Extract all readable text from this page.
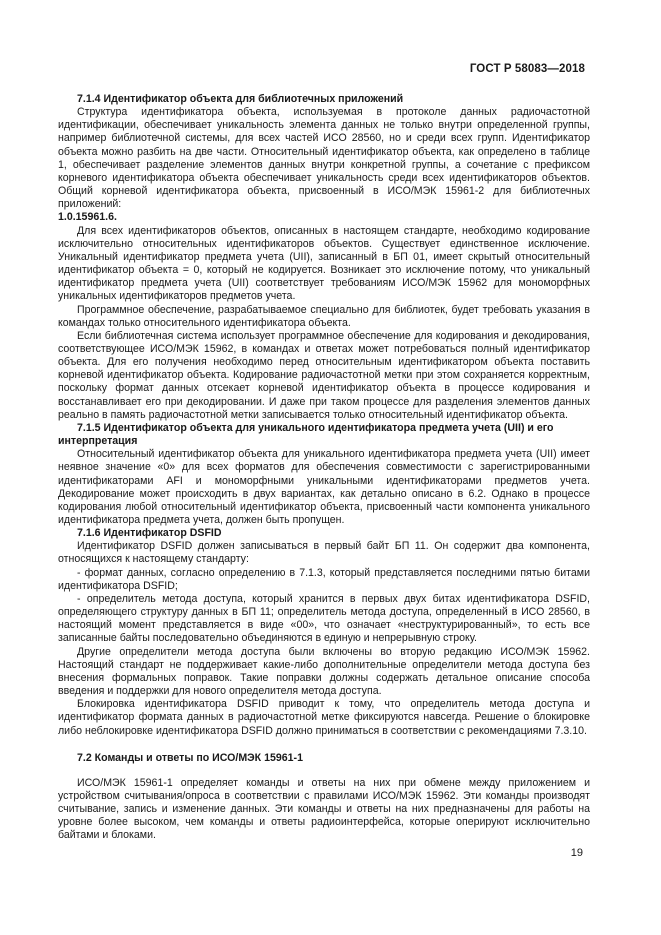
ГОСТ Р 58083—2018

7.1.4 Идентификатор объекта для библиотечных приложений

Структура идентификатора объекта, используемая в протоколе данных радиочастотной идентификации, обеспечивает уникальность элемента данных не только внутри определенной группы, например библиотечной системы, для всех частей ИСО 28560, но и среди всех групп. Идентификатор объекта можно разбить на две части. Относительный идентификатор объекта, как определено в таблице 1, обеспечивает разделение элементов данных внутри конкретной группы, а сочетание с префиксом корневого идентификатора объекта обеспечивает уникальность среди всех идентификаторов объектов. Общий корневой идентификатора объекта, присвоенный в ИСО/МЭК 15961-2 для библиотечных приложений:

1.0.15961.6.

Для всех идентификаторов объектов, описанных в настоящем стандарте, необходимо кодирование исключительно относительных идентификаторов объектов. Существует единственное исключение. Уникальный идентификатор предмета учета (UII), записанный в БП 01, имеет скрытый относительный идентификатор объекта = 0, который не кодируется. Возникает это исключение потому, что уникальный идентификатор предмета учета (UII) соответствует требованиям ИСО/МЭК 15962 для мономорфных уникальных идентификаторов предметов учета.

Программное обеспечение, разрабатываемое специально для библиотек, будет требовать указания в командах только относительного идентификатора объекта.

Если библиотечная система использует программное обеспечение для кодирования и декодирования, соответствующее ИСО/МЭК 15962, в командах и ответах может потребоваться полный идентификатор объекта. Для его получения необходимо перед относительным идентификатором объекта поставить корневой идентификатор объекта. Кодирование радиочастотной метки при этом сохраняется корректным, поскольку формат данных отсекает корневой идентификатор объекта в процессе кодирования и восстанавливает его при декодировании. И даже при таком процессе для разделения элементов данных реально в память радиочастотной метки записывается только относительный идентификатор объекта.

7.1.5 Идентификатор объекта для уникального идентификатора предмета учета (UII) и его интерпретация

Относительный идентификатор объекта для уникального идентификатора предмета учета (UII) имеет неявное значение «0» для всех форматов для обеспечения совместимости с зарегистрированными идентификаторами AFI и мономорфными уникальными идентификаторами предметов учета. Декодирование может происходить в двух вариантах, как детально описано в 6.2. Однако в процессе кодирования любой относительный идентификатор объекта, присвоенный части компонента уникального идентификатора предмета учета, должен быть пропущен.

7.1.6 Идентификатор DSFID

Идентификатор DSFID должен записываться в первый байт БП 11. Он содержит два компонента, относящихся к настоящему стандарту:

- формат данных, согласно определению в 7.1.3, который представляется последними пятью битами идентификатора DSFID;

- определитель метода доступа, который хранится в первых двух битах идентификатора DSFID, определяющего структуру данных в БП 11; определитель метода доступа, определенный в ИСО 28560, в настоящий момент представляется в виде «00», что означает «неструктурированный», то есть все записанные байты последовательно объединяются в единую и непрерывную строку.

Другие определители метода доступа были включены во вторую редакцию ИСО/МЭК 15962. Настоящий стандарт не поддерживает какие-либо дополнительные определители метода доступа без внесения формальных поправок. Такие поправки должны содержать детальное описание способа введения и поддержки для нового определителя метода доступа.

Блокировка идентификатора DSFID приводит к тому, что определитель метода доступа и идентификатор формата данных в радиочастотной метке фиксируются навсегда. Решение о блокировке либо неблокировке идентификатора DSFID должно приниматься в соответствии с рекомендациями 7.3.10.

7.2 Команды и ответы по ИСО/МЭК 15961-1

ИСО/МЭК 15961-1 определяет команды и ответы на них при обмене между приложением и устройством считывания/опроса в соответствии с правилами ИСО/МЭК 15962. Эти команды производят считывание, запись и изменение данных. Эти команды и ответы на них предназначены для работы на уровне более высоком, чем команды и ответы радиоинтерфейса, которые оперируют исключительно байтами и блоками.

19
